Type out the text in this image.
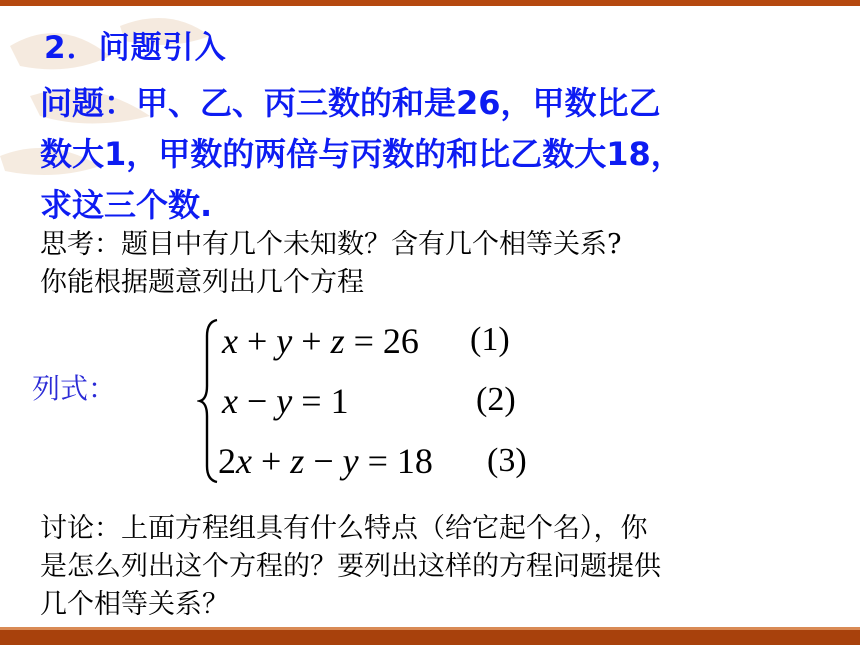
2．问题引入
问题：甲、乙、丙三数的和是26，甲数比乙
数大1，甲数的两倍与丙数的和比乙数大18，
求这三个数.
思考：题目中有几个未知数？含有几个相等关系?
你能根据题意列出几个方程
列式：
x + y + z = 26 (1)
x − y = 1	(2)
2x + z − y = 18 (3)
讨论：上面方程组具有什么特点（给它起个名），你
是怎么列出这个方程的？要列出这样的方程问题提供
几个相等关系？
